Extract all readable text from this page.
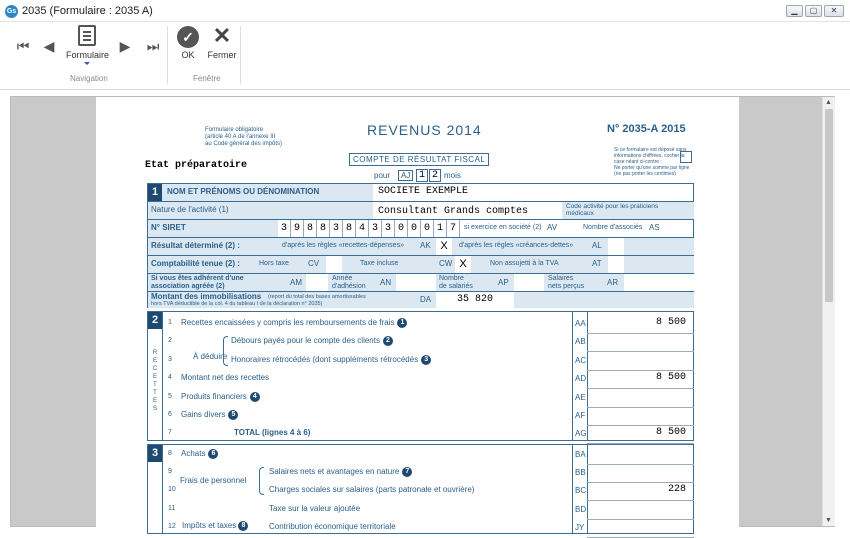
Gs 2035 (Formulaire : 2035 A)	▁	▢	✕
⏮ ◀
Formulaire
▶ ⏭
Navigation
✓
OK
✕
Fermer
Fenêtre
Formulaire obligatoire
(article 40 A de l'annexe III
au Code général des impôts)
REVENUS 2014	N° 2035-A 2015
COMPTE DE RÉSULTAT FISCAL
Etat préparatoire
pour	AJ 1 2 mois
Si ce formulaire est déposé sans
informations chiffrées, cocher la
case néant ci-contre :
Ne porter qu'une somme par ligne
(ne pas porter les centimes)
1	NOM ET PRÉNOMS OU DÉNOMINATION	SOCIETE EXEMPLE
Nature de l'activité (1)	Consultant Grands comptes	Code activité pour les praticiens médicaux
N° SIRET	3 9 8 8 3 8 4 3 3 0 0 0 1 7	si exercice en société (2) AV	Nombre d'associés AS
Résultat déterminé (2) :	d'après les règles «recettes-dépenses» AK X	d'après les règles «créances-dettes» AL
Comptabilité tenue (2) :	Hors taxe CV	Taxe incluse	CW X	Non assujetti à la TVA	AT
Si vous êtes adhérent d'une
association agréée (2)	AM	Année
d'adhésion AN	Nombre
de salariés	AP	Salaires
nets perçus	AR
Montant des immobilisations (report du total des bases amortissables
hors TVA déductible de la col. 4 du tableau I de la déclaration n° 2035)	DA	35 820
2
R
E
C
E
T
T
E
S
À déduire
1 Recettes encaissées y compris les remboursements de frais 1	AA	8 500
2	Débours payés pour le compte des clients 2	AB
3	Honoraires rétrocédés (dont suppléments rétrocédés 3	AC
4 Montant net des recettes	AD	8 500
5 Produits financiers 4	AE
6 Gains divers 5	AF
7	TOTAL (lignes 4 à 6)	AG	8 500
3
Frais de personnel
Impôts et taxes 8
8 Achats 6	BA
9	Salaires nets et avantages en nature 7	BB
10	Charges sociales sur salaires (parts patronale et ouvrière)	BC	228
11	Taxe sur la valeur ajoutée	BD
12	Contribution économique territoriale	JY
▲
▼
